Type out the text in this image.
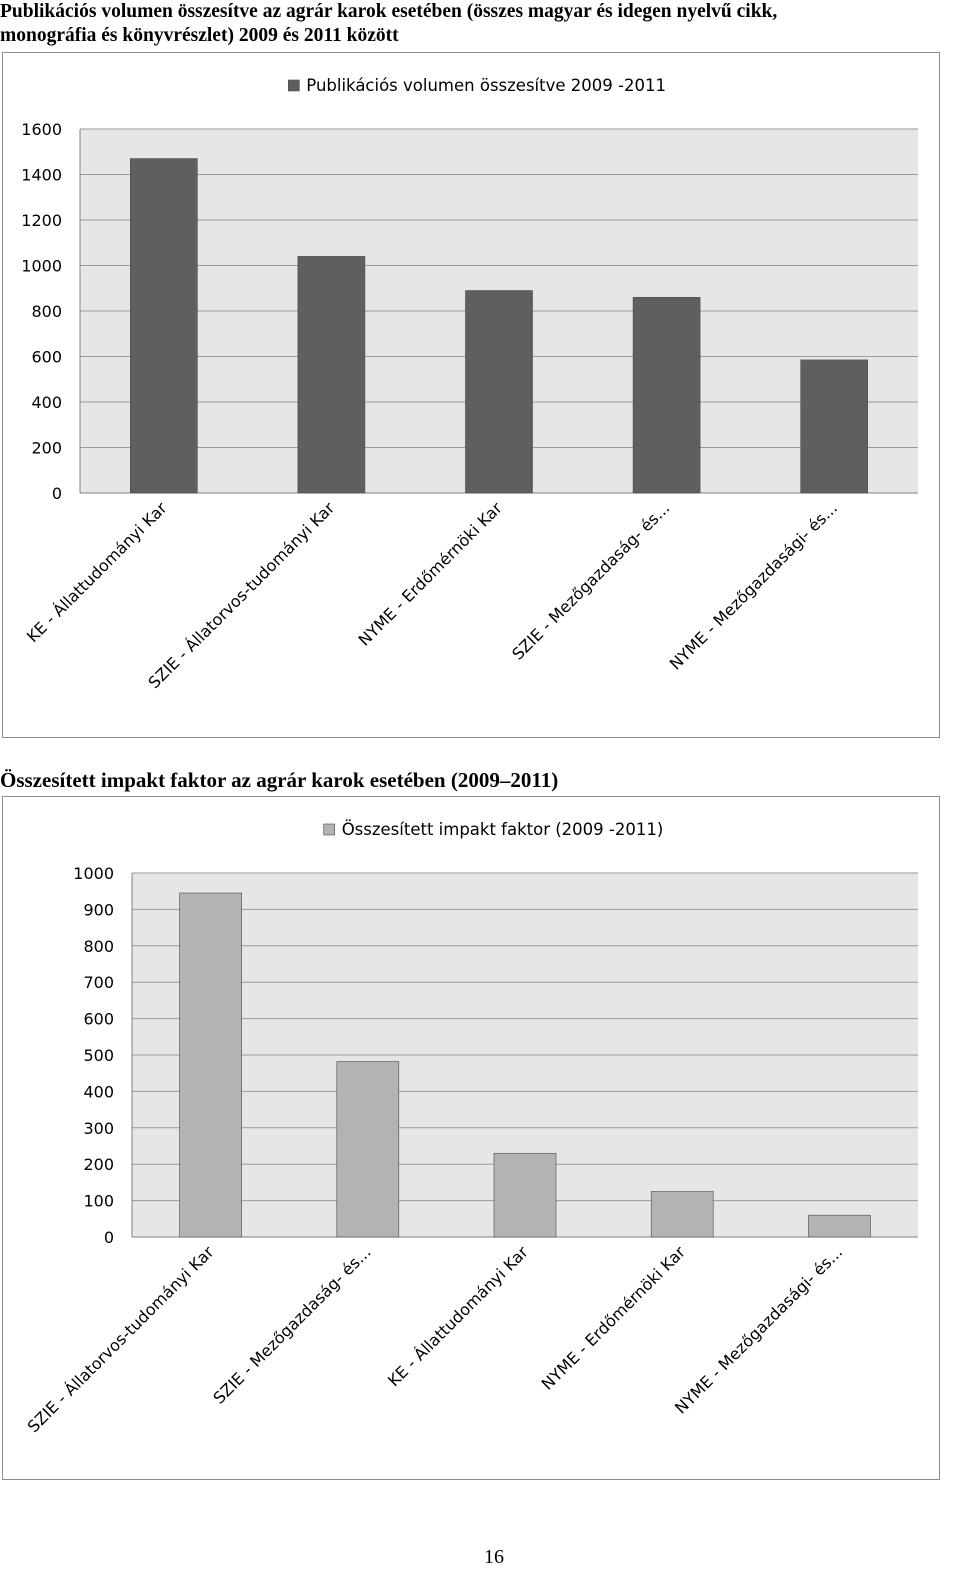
Publikációs volumen összesítve az agrár karok esetében (összes magyar és idegen nyelvű cikk,
monográfia és könyvrészlet) 2009 és 2011 között
0
200
400
600
800
1000
1200
1400
1600
KE - Állattudományi Kar
SZIE - Állatorvos-tudományi Kar NYME - Erdőmérnöki Kar SZIE - Mezőgazdaság- és...
NYME - Mezőgazdasági- és...
Publikációs volumen összesítve 2009 -2011
Összesített impakt faktor az agrár karok esetében (2009–2011)
0
100
200
300
400
500
600
700
800
900
1000
SZIE - Állatorvos-tudományi Kar
SZIE - Mezőgazdaság- és... KE - Állattudományi Kar NYME - Erdőmérnöki Kar
NYME - Mezőgazdasági- és...
Összesített impakt faktor (2009 -2011)
16
